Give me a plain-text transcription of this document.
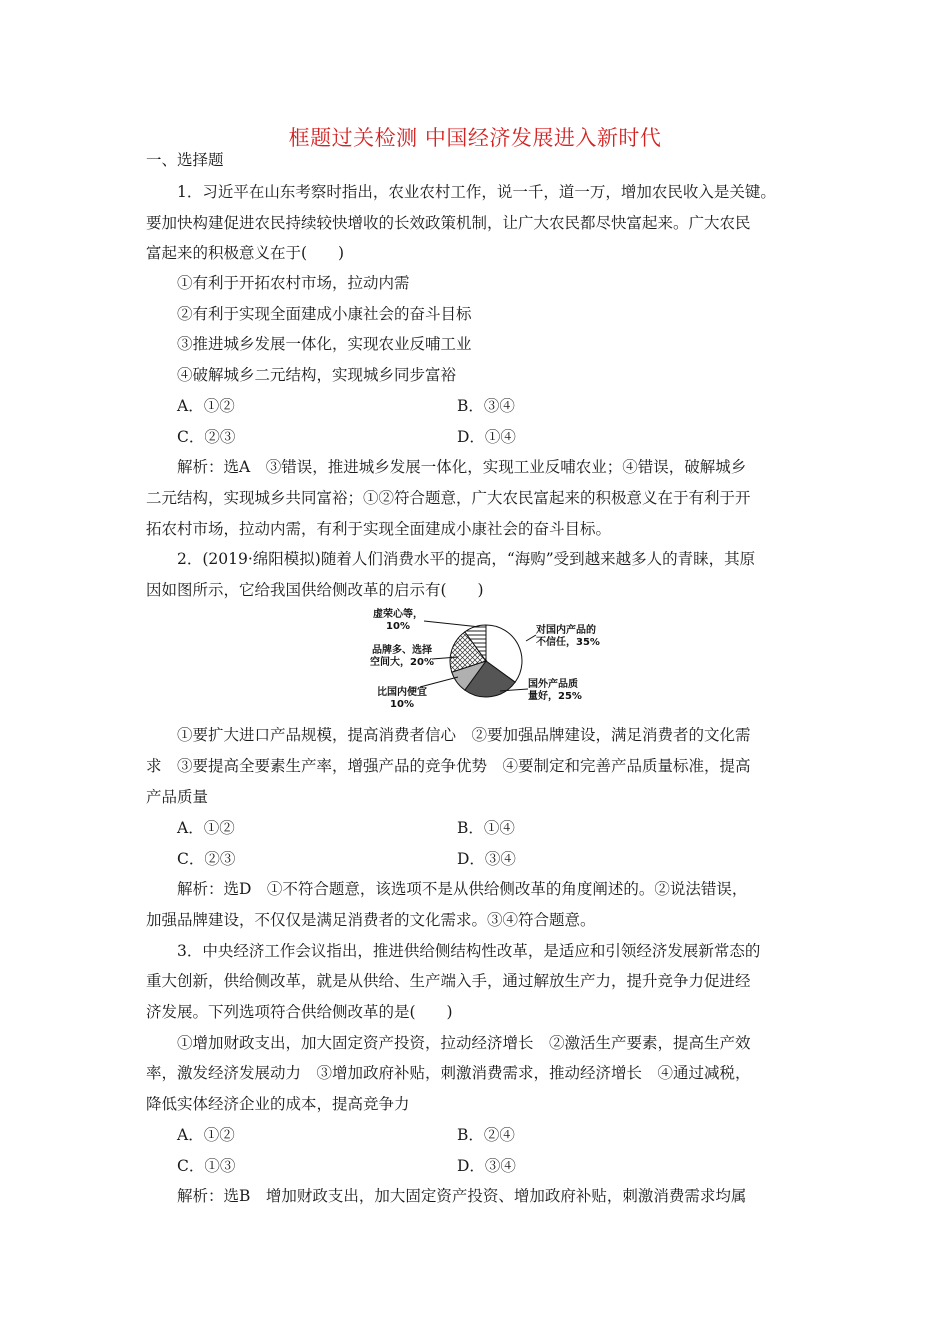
框题过关检测 中国经济发展进入新时代
一、选择题
1．习近平在山东考察时指出，农业农村工作，说一千，道一万，增加农民收入是关键。
要加快构建促进农民持续较快增收的长效政策机制，让广大农民都尽快富起来。广大农民
富起来的积极意义在于(　　)
①有利于开拓农村市场，拉动内需
②有利于实现全面建成小康社会的奋斗目标
③推进城乡发展一体化，实现农业反哺工业
④破解城乡二元结构，实现城乡同步富裕
A．①②	B．③④
C．②③	D．①④
解析：选A　③错误，推进城乡发展一体化，实现工业反哺农业；④错误，破解城乡
二元结构，实现城乡共同富裕；①②符合题意，广大农民富起来的积极意义在于有利于开
拓农村市场，拉动内需，有利于实现全面建成小康社会的奋斗目标。
2．(2019·绵阳模拟)随着人们消费水平的提高，“海购”受到越来越多人的青睐，其原
因如图所示，它给我国供给侧改革的启示有(　　)
对国内产品的不信任，35%
国外产品质量好，25%
比国内便宜 10%
品牌多、选择空间大，20%
虚荣心等， 10%
①要扩大进口产品规模，提高消费者信心　②要加强品牌建设，满足消费者的文化需
求　③要提高全要素生产率，增强产品的竞争优势　④要制定和完善产品质量标准，提高
产品质量
A．①②	B．①④
C．②③	D．③④
解析：选D　①不符合题意，该选项不是从供给侧改革的角度阐述的。②说法错误，
加强品牌建设，不仅仅是满足消费者的文化需求。③④符合题意。
3．中央经济工作会议指出，推进供给侧结构性改革，是适应和引领经济发展新常态的
重大创新，供给侧改革，就是从供给、生产端入手，通过解放生产力，提升竞争力促进经
济发展。下列选项符合供给侧改革的是(　　)
①增加财政支出，加大固定资产投资，拉动经济增长　②激活生产要素，提高生产效
率，激发经济发展动力　③增加政府补贴，刺激消费需求，推动经济增长　④通过减税，
降低实体经济企业的成本，提高竞争力
A．①②	B．②④
C．①③	D．③④
解析：选B　增加财政支出，加大固定资产投资、增加政府补贴，刺激消费需求均属
